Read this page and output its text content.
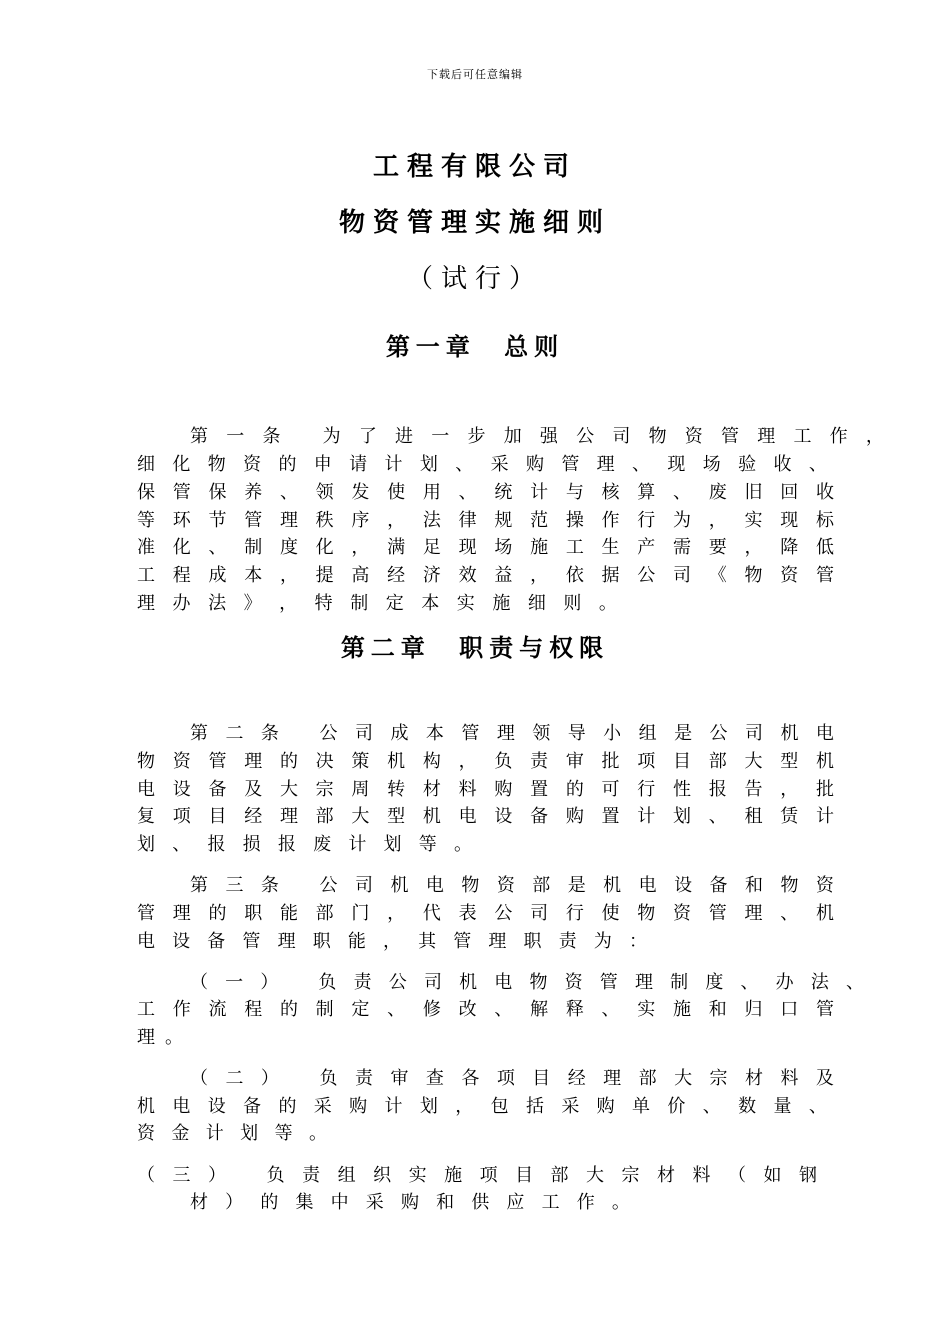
下载后可任意编辑
工程有限公司
物资管理实施细则
（试行）
第一章 总则
第二章 职责与权限
第 一 条
为 了 进 一 步 加 强 公 司 物 资 管 理 工 作 ，
细 化 物 资 的 申 请 计 划 、 采 购 管 理 、 现 场 验 收 、
保 管 保 养 、 领 发 使 用 、 统 计 与 核 算 、 废 旧 回 收
等 环 节 管 理 秩 序 ， 法 律 规 范 操 作 行 为 ， 实 现 标
准 化 、 制 度 化 ， 满 足 现 场 施 工 生 产 需 要 ， 降 低
工 程 成 本 ， 提 高 经 济 效 益 ， 依 据 公 司 《 物 资 管
理 办 法 》 ， 特 制 定 本 实 施 细 则 。
第 二 条
公 司 成 本 管 理 领 导 小 组 是 公 司 机 电
物 资 管 理 的 决 策 机 构 ， 负 责 审 批 项 目 部 大 型 机
电 设 备 及 大 宗 周 转 材 料 购 置 的 可 行 性 报 告 ， 批
复 项 目 经 理 部 大 型 机 电 设 备 购 置 计 划 、 租 赁 计
划 、 报 损 报 废 计 划 等 。
第 三 条
公 司 机 电 物 资 部 是 机 电 设 备 和 物 资
管 理 的 职 能 部 门 ， 代 表 公 司 行 使 物 资 管 理 、 机
电 设 备 管 理 职 能 ， 其 管 理 职 责 为 ：
（ 一 ）
负 责 公 司 机 电 物 资 管 理 制 度 、 办 法 、
工 作 流 程 的 制 定 、 修 改 、 解 释 、 实 施 和 归 口 管
理 。
（ 二 ）
负 责 审 查 各 项 目 经 理 部 大 宗 材 料 及
机 电 设 备 的 采 购 计 划 ， 包 括 采 购 单 价 、 数 量 、
资 金 计 划 等 。
（ 三 ）
负 责 组 织 实 施 项 目 部 大 宗 材 料 （ 如 钢
材 ） 的 集 中 采 购 和 供 应 工 作 。
